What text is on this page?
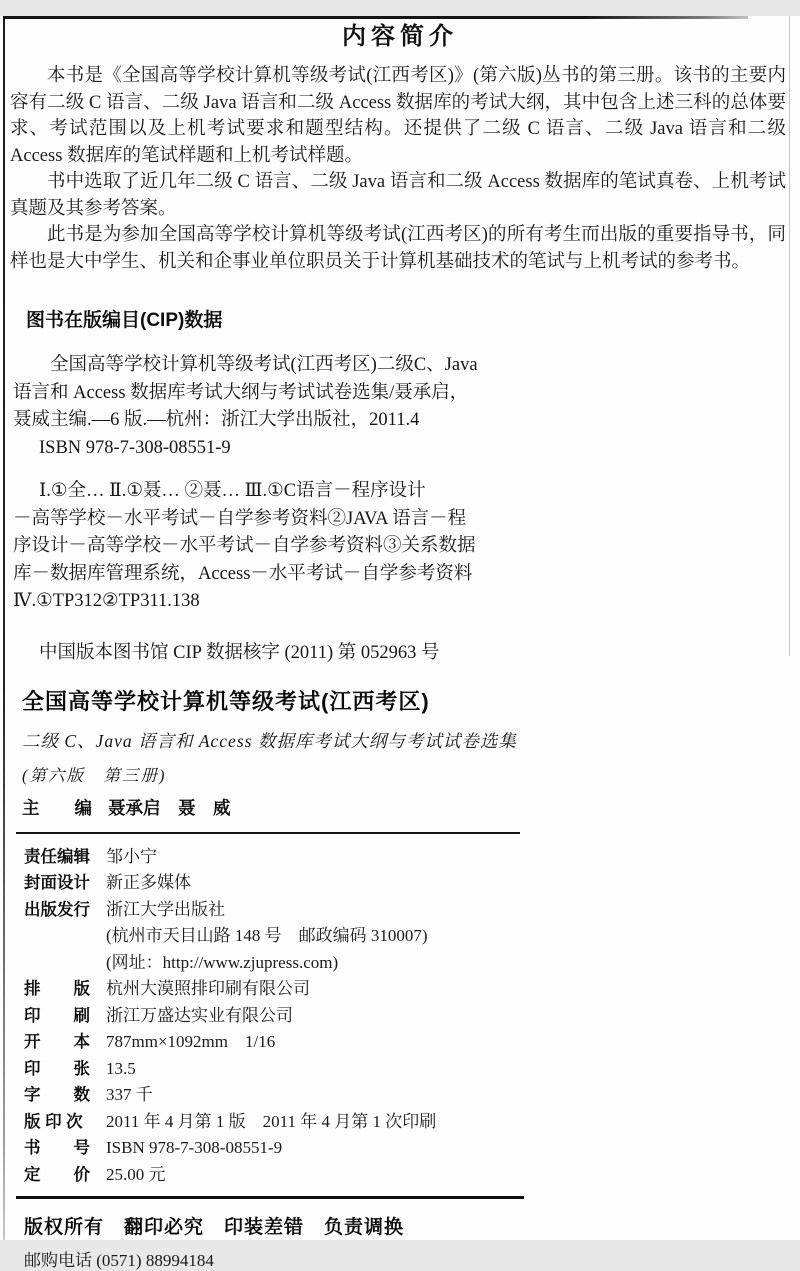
内容简介

本书是《全国高等学校计算机等级考试(江西考区)》(第六版)丛书的第三册。该书的主要内容有二级 C 语言、二级 Java 语言和二级 Access 数据库的考试大纲，其中包含上述三科的总体要求、考试范围以及上机考试要求和题型结构。还提供了二级 C 语言、二级 Java 语言和二级 Access 数据库的笔试样题和上机考试样题。

书中选取了近几年二级 C 语言、二级 Java 语言和二级 Access 数据库的笔试真卷、上机考试真题及其参考答案。

此书是为参加全国高等学校计算机等级考试(江西考区)的所有考生而出版的重要指导书，同样也是大中学生、机关和企事业单位职员关于计算机基础技术的笔试与上机考试的参考书。

图书在版编目(CIP)数据
全国高等学校计算机等级考试(江西考区)二级C、Java
语言和 Access 数据库考试大纲与考试试卷选集/聂承启，
聂威主编.—6 版.—杭州：浙江大学出版社，2011.4
ISBN 978-7-308-08551-9
Ⅰ.①全… Ⅱ.①聂… ②聂… Ⅲ.①C语言－程序设计
－高等学校－水平考试－自学参考资料②JAVA 语言－程
序设计－高等学校－水平考试－自学参考资料③关系数据
库－数据库管理系统，Access－水平考试－自学参考资料
Ⅳ.①TP312②TP311.138
中国版本图书馆 CIP 数据核字 (2011) 第 052963 号
全国高等学校计算机等级考试(江西考区)
二级 C、Java 语言和 Access 数据库考试大纲与考试试卷选集
(第六版　第三册)
主　　编 聂承启　聂　威
责任编辑 邹小宁
封面设计 新正多媒体
出版发行 浙江大学出版社
(杭州市天目山路 148 号　邮政编码 310007)
(网址：http://www.zjupress.com)
排　　版 杭州大漠照排印刷有限公司
印　　刷 浙江万盛达实业有限公司
开　　本 787mm×1092mm　1/16
印　　张 13.5
字　　数 337 千
版 印 次	2011 年 4 月第 1 版　2011 年 4 月第 1 次印刷
书　　号 ISBN 978-7-308-08551-9
定　　价 25.00 元
版权所有　翻印必究　印装差错　负责调换
邮购电话 (0571) 88994184
